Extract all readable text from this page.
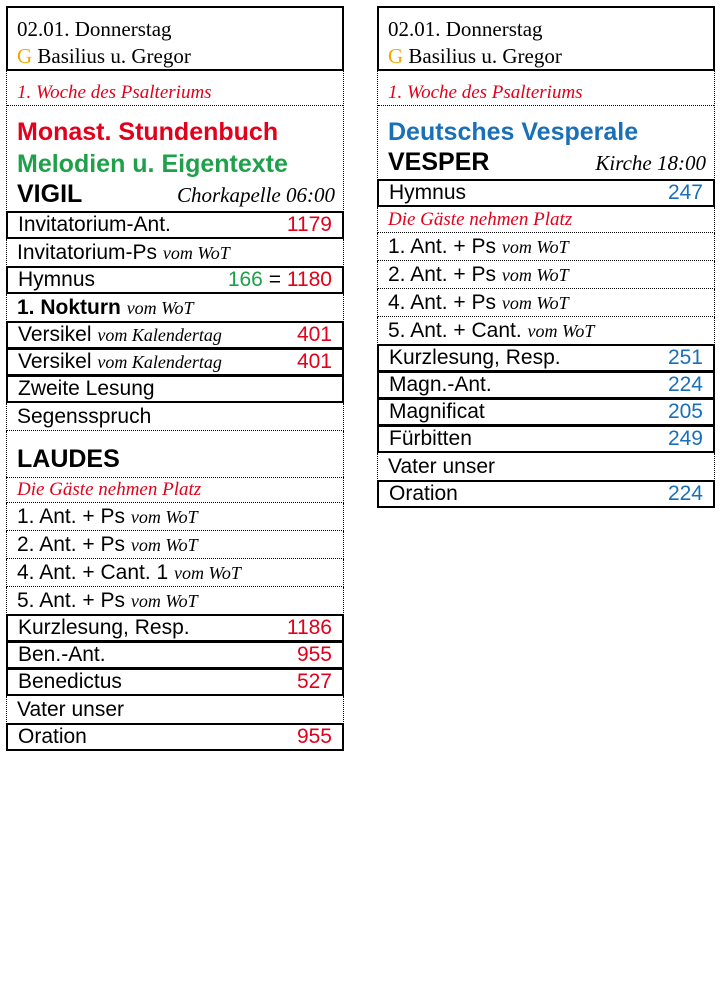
02.01. Donnerstag
G Basilius u. Gregor
1. Woche des Psalteriums
Monast. Stundenbuch
Melodien u. Eigentexte
VIGIL	Chorkapelle 06:00
Invitatorium-Ant.	1179
Invitatorium-Ps vom WoT
Hymnus	166 = 1180
1. Nokturn vom WoT
Versikel vom Kalendertag	401
Versikel vom Kalendertag	401
Zweite Lesung
Segensspruch
LAUDES
Die Gäste nehmen Platz
1. Ant. + Ps vom WoT
2. Ant. + Ps vom WoT
4. Ant. + Cant. 1 vom WoT
5. Ant. + Ps vom WoT
Kurzlesung, Resp.	1186
Ben.-Ant.	955
Benedictus	527
Vater unser
Oration	955
02.01. Donnerstag
G Basilius u. Gregor
1. Woche des Psalteriums
Deutsches Vesperale
VESPER	Kirche 18:00
Hymnus	247
Die Gäste nehmen Platz
1. Ant. + Ps vom WoT
2. Ant. + Ps vom WoT
4. Ant. + Ps vom WoT
5. Ant. + Cant. vom WoT
Kurzlesung, Resp.	251
Magn.-Ant.	224
Magnificat	205
Fürbitten	249
Vater unser
Oration	224
